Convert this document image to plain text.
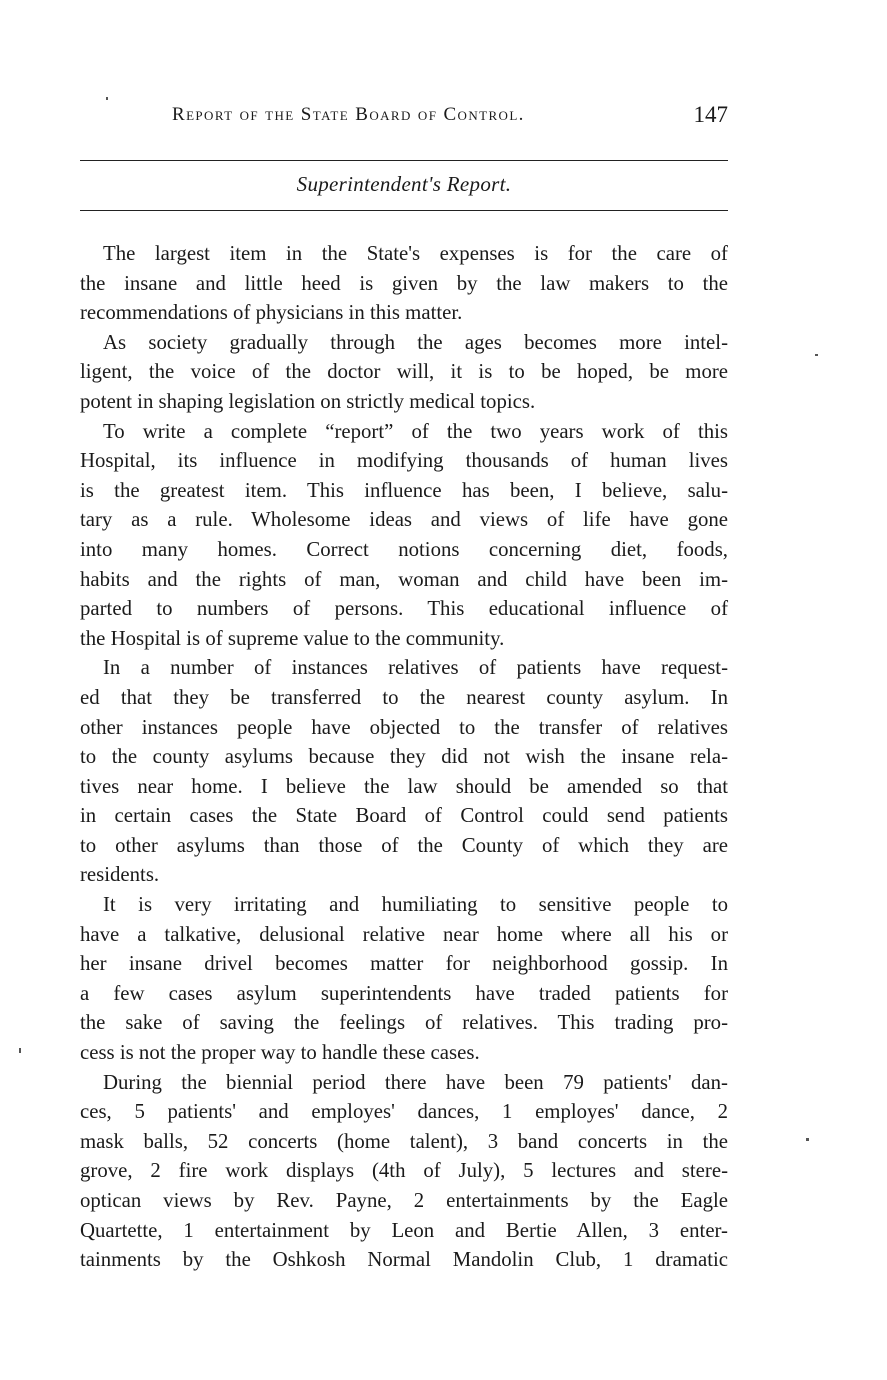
Report of the State Board of Control.	147
Superintendent's Report.
The largest item in the State's expenses is for the care of
the insane and little heed is given by the law makers to the
recommendations of physicians in this matter.
As society gradually through the ages becomes more intel-
ligent, the voice of the doctor will, it is to be hoped, be more
potent in shaping legislation on strictly medical topics.
To write a complete “report” of the two years work of this
Hospital, its influence in modifying thousands of human lives
is the greatest item. This influence has been, I believe, salu-
tary as a rule. Wholesome ideas and views of life have gone
into many homes. Correct notions concerning diet, foods,
habits and the rights of man, woman and child have been im-
parted to numbers of persons. This educational influence of
the Hospital is of supreme value to the community.
In a number of instances relatives of patients have request-
ed that they be transferred to the nearest county asylum. In
other instances people have objected to the transfer of relatives
to the county asylums because they did not wish the insane rela-
tives near home. I believe the law should be amended so that
in certain cases the State Board of Control could send patients
to other asylums than those of the County of which they are
residents.
It is very irritating and humiliating to sensitive people to
have a talkative, delusional relative near home where all his or
her insane drivel becomes matter for neighborhood gossip. In
a few cases asylum superintendents have traded patients for
the sake of saving the feelings of relatives. This trading pro-
cess is not the proper way to handle these cases.
During the biennial period there have been 79 patients' dan-
ces, 5 patients' and employes' dances, 1 employes' dance, 2
mask balls, 52 concerts (home talent), 3 band concerts in the
grove, 2 fire work displays (4th of July), 5 lectures and stere-
optican views by Rev. Payne, 2 entertainments by the Eagle
Quartette, 1 entertainment by Leon and Bertie Allen, 3 enter-
tainments by the Oshkosh Normal Mandolin Club, 1 dramatic
